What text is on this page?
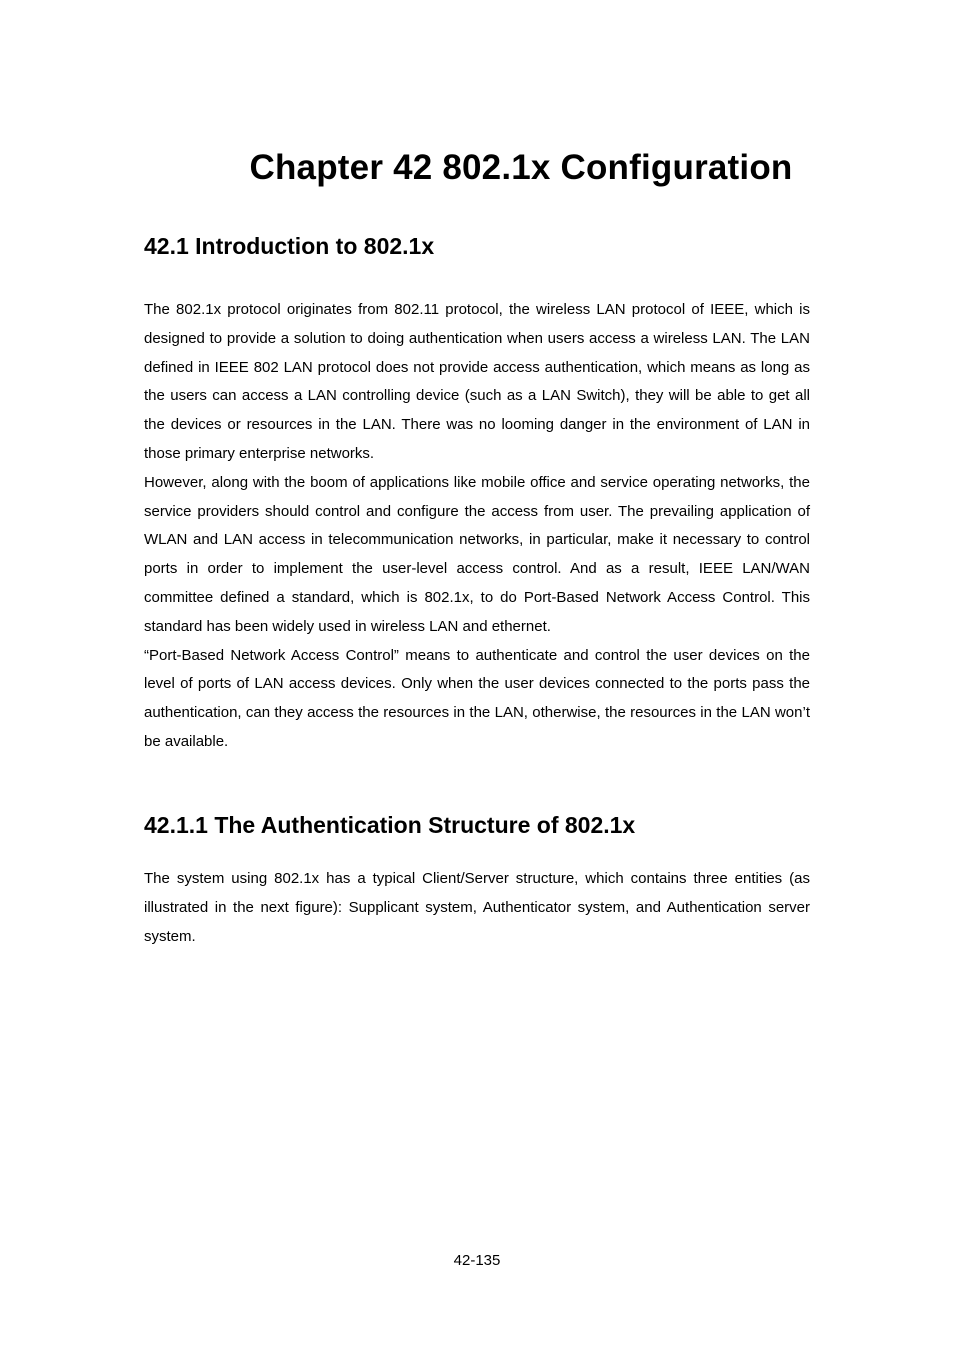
Chapter 42 802.1x Configuration
42.1 Introduction to 802.1x

The 802.1x protocol originates from 802.11 protocol, the wireless LAN protocol of IEEE, which is designed to provide a solution to doing authentication when users access a wireless LAN. The LAN defined in IEEE 802 LAN protocol does not provide access authentication, which means as long as the users can access a LAN controlling device (such as a LAN Switch), they will be able to get all the devices or resources in the LAN. There was no looming danger in the environment of LAN in those primary enterprise networks.

However, along with the boom of applications like mobile office and service operating networks, the service providers should control and configure the access from user. The prevailing application of WLAN and LAN access in telecommunication networks, in particular, make it necessary to control ports in order to implement the user-level access control. And as a result, IEEE LAN/WAN committee defined a standard, which is 802.1x, to do Port-Based Network Access Control. This standard has been widely used in wireless LAN and ethernet.

“Port-Based Network Access Control” means to authenticate and control the user devices on the level of ports of LAN access devices. Only when the user devices connected to the ports pass the authentication, can they access the resources in the LAN, otherwise, the resources in the LAN won’t be available.

42.1.1 The Authentication Structure of 802.1x

The system using 802.1x has a typical Client/Server structure, which contains three entities (as illustrated in the next figure): Supplicant system, Authenticator system, and Authentication server system.

42-135
